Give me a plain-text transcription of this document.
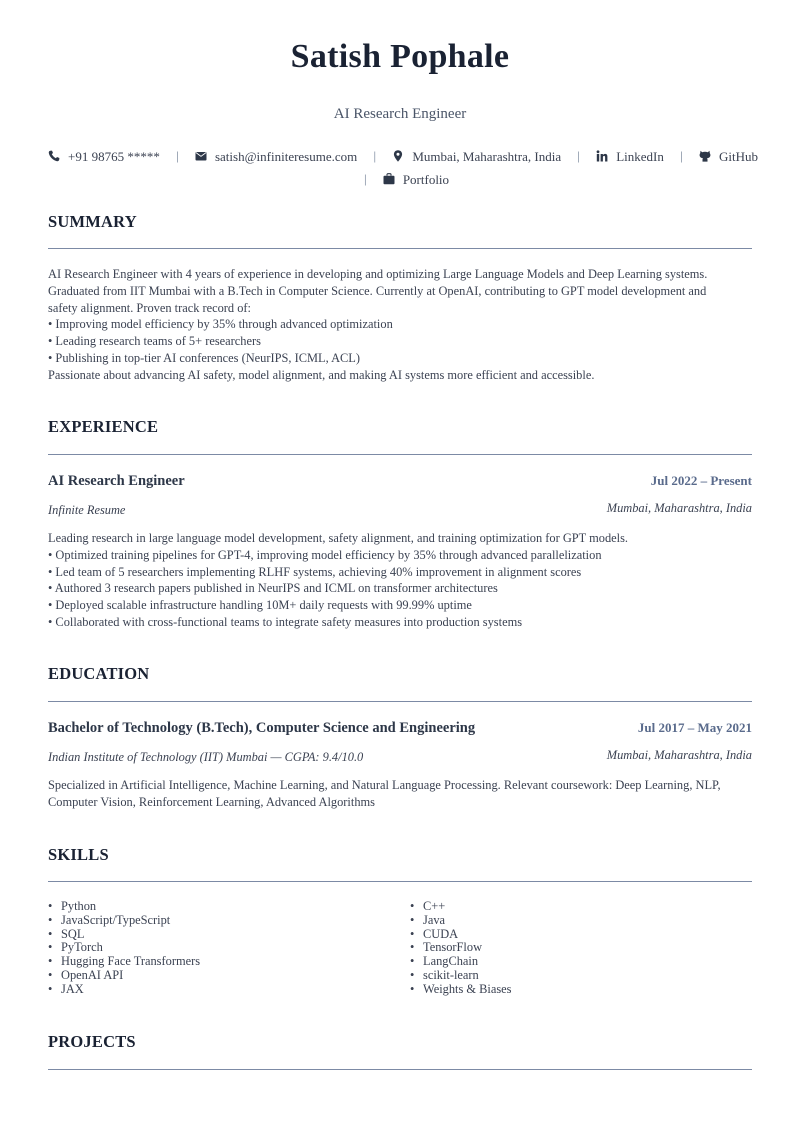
Satish Pophale
AI Research Engineer
+91 98765 ***** |	satish@infiniteresume.com |	Mumbai, Maharashtra, India |	LinkedIn |	GitHub
|	Portfolio
SUMMARY

AI Research Engineer with 4 years of experience in developing and optimizing Large Language Models and Deep Learning systems.

Graduated from IIT Mumbai with a B.Tech in Computer Science. Currently at OpenAI, contributing to GPT model development and

safety alignment. Proven track record of:

• Improving model efficiency by 35% through advanced optimization

• Leading research teams of 5+ researchers

• Publishing in top-tier AI conferences (NeurIPS, ICML, ACL)

Passionate about advancing AI safety, model alignment, and making AI systems more efficient and accessible.

EXPERIENCE
AI Research Engineer	Jul 2022 – Present
Infinite Resume	Mumbai, Maharashtra, India

Leading research in large language model development, safety alignment, and training optimization for GPT models.

• Optimized training pipelines for GPT-4, improving model efficiency by 35% through advanced parallelization

• Led team of 5 researchers implementing RLHF systems, achieving 40% improvement in alignment scores

• Authored 3 research papers published in NeurIPS and ICML on transformer architectures

• Deployed scalable infrastructure handling 10M+ daily requests with 99.99% uptime

• Collaborated with cross-functional teams to integrate safety measures into production systems

EDUCATION
Bachelor of Technology (B.Tech), Computer Science and Engineering	Jul 2017 – May 2021
Indian Institute of Technology (IIT) Mumbai — CGPA: 9.4/10.0	Mumbai, Maharashtra, India

Specialized in Artificial Intelligence, Machine Learning, and Natural Language Processing. Relevant coursework: Deep Learning, NLP,

Computer Vision, Reinforcement Learning, Advanced Algorithms

SKILLS
• Python
• JavaScript/TypeScript
• SQL
• PyTorch
• Hugging Face Transformers
• OpenAI API
• JAX
• C++
• Java
• CUDA
• TensorFlow
• LangChain
• scikit-learn
• Weights & Biases
PROJECTS
